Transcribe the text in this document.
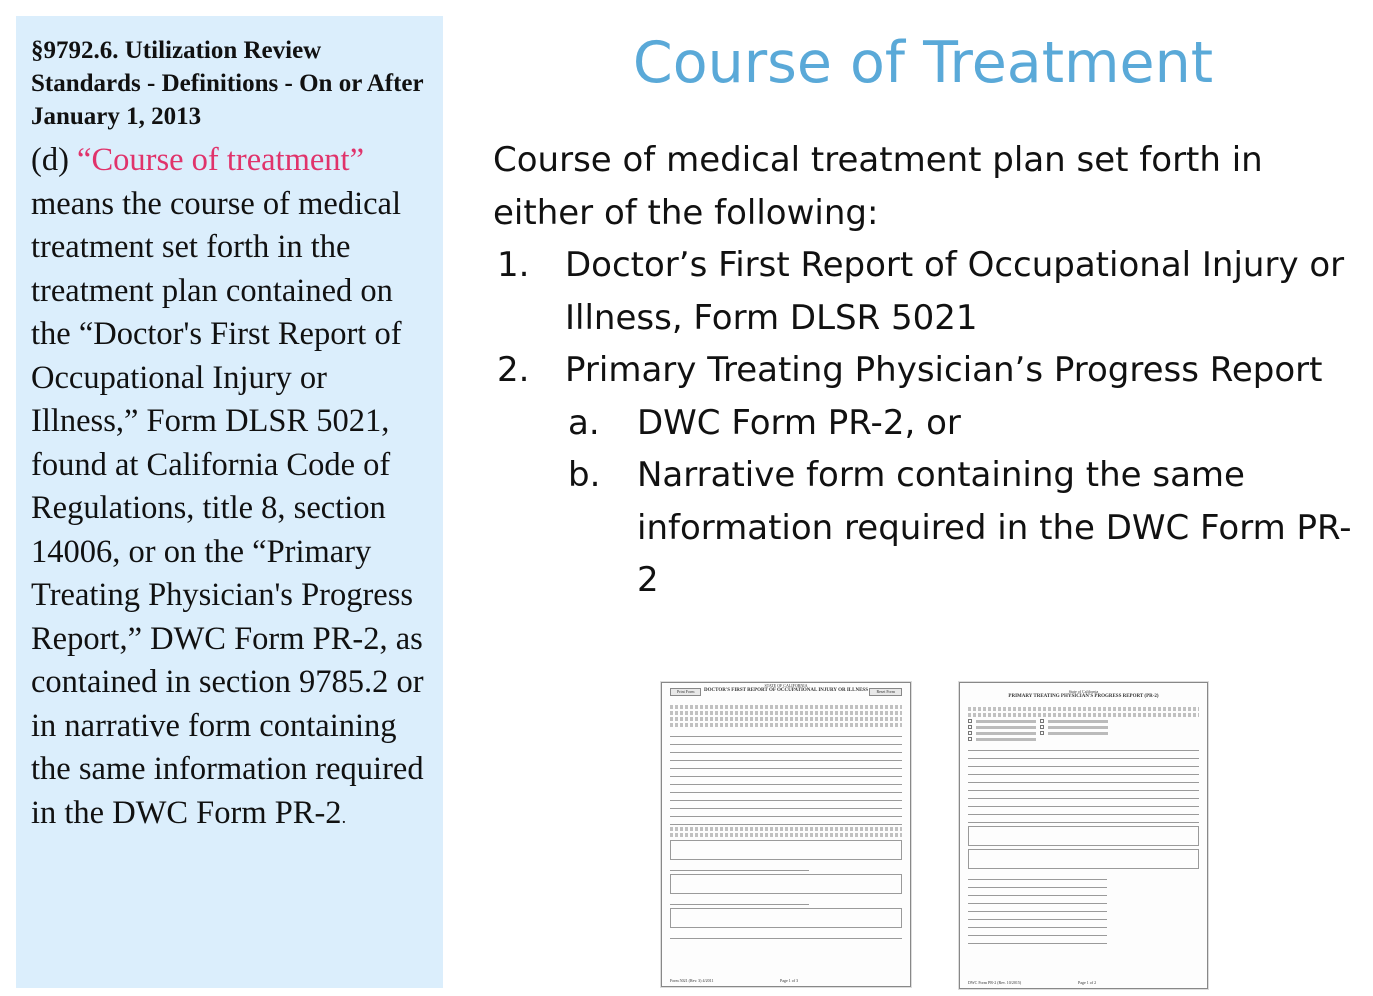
§9792.6. Utilization Review Standards - Definitions - On or After January 1, 2013
(d) “Course of treatment” means the course of medical treatment set forth in the treatment plan contained on the “Doctor's First Report of Occupational Injury or Illness,” Form DLSR 5021, found at California Code of Regulations, title 8, section 14006, or on the “Primary Treating Physician's Progress Report,” DWC Form PR-2, as contained in section 9785.2 or in narrative form containing the same information required in the DWC Form PR-2.
Course of Treatment
Course of medical treatment plan set forth in either of the following:
1. Doctor’s First Report of Occupational Injury or Illness, Form DLSR 5021
2. Primary Treating Physician’s Progress Report
a. DWC Form PR-2, or
b. Narrative form containing the same information required in the DWC Form PR-2
Print Form	Reset Form
STATE OF CALIFORNIA
DOCTOR'S FIRST REPORT OF OCCUPATIONAL INJURY OR ILLNESS
Form 5021 (Rev. 3) 4/2011	Page 1 of 3
State of California
PRIMARY TREATING PHYSICIAN'S PROGRESS REPORT (PR-2)
DWC Form PR-2 (Rev. 10/2015)	Page 1 of 2
